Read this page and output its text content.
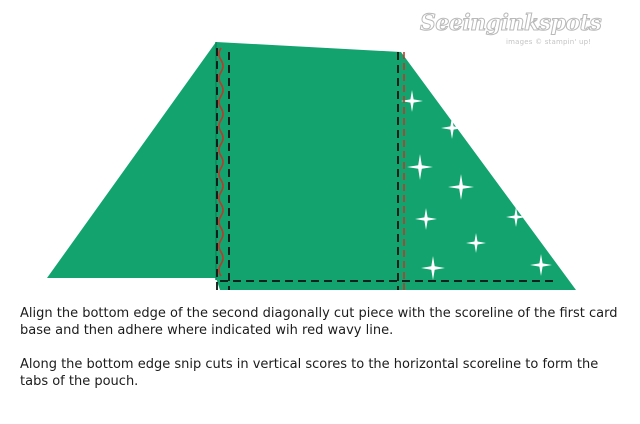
Seeinginkspots
images © stampin' up!

Align the bottom edge of the second diagonally cut piece with the scoreline of the first card base and then adhere where indicated wih red wavy line.

Along the bottom edge snip cuts in vertical scores to the horizontal scoreline to form the tabs of the pouch.
